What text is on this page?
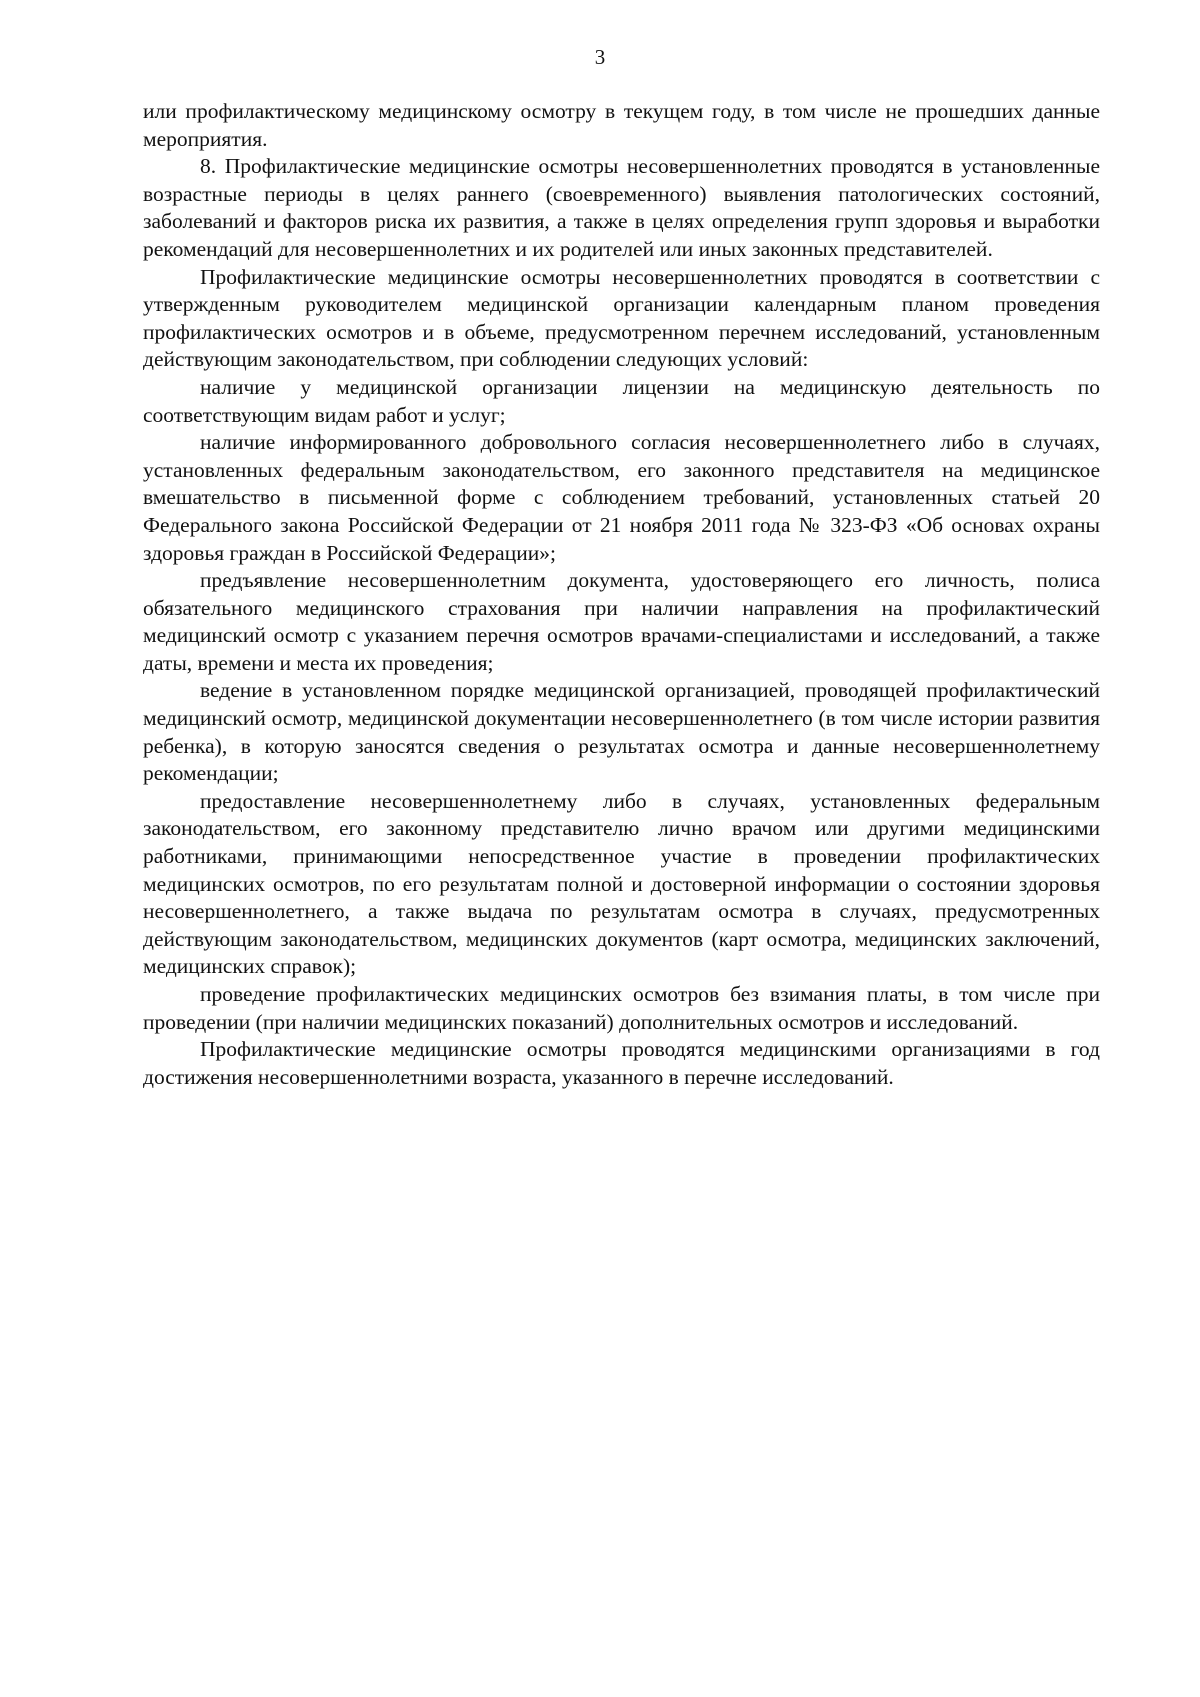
3

или профилактическому медицинскому осмотру в текущем году, в том числе не прошедших данные мероприятия.

8. Профилактические медицинские осмотры несовершеннолетних проводятся в установленные возрастные периоды в целях раннего (своевременного) выявления патологических состояний, заболеваний и факторов риска их развития, а также в целях определения групп здоровья и выработки рекомендаций для несовершеннолетних и их родителей или иных законных представителей.

Профилактические медицинские осмотры несовершеннолетних проводятся в соответствии с утвержденным руководителем медицинской организации календарным планом проведения профилактических осмотров и в объеме, предусмотренном перечнем исследований, установленным действующим законодательством, при соблюдении следующих условий:

наличие у медицинской организации лицензии на медицинскую деятельность по соответствующим видам работ и услуг;

наличие информированного добровольного согласия несовершеннолетнего либо в случаях, установленных федеральным законодательством, его законного представителя на медицинское вмешательство в письменной форме с соблюдением требований, установленных статьей 20 Федерального закона Российской Федерации от 21 ноября 2011 года № 323-ФЗ «Об основах охраны здоровья граждан в Российской Федерации»;

предъявление несовершеннолетним документа, удостоверяющего его личность, полиса обязательного медицинского страхования при наличии направления на профилактический медицинский осмотр с указанием перечня осмотров врачами-специалистами и исследований, а также даты, времени и места их проведения;

ведение в установленном порядке медицинской организацией, проводящей профилактический медицинский осмотр, медицинской документации несовершеннолетнего (в том числе истории развития ребенка), в которую заносятся сведения о результатах осмотра и данные несовершеннолетнему рекомендации;

предоставление несовершеннолетнему либо в случаях, установленных федеральным законодательством, его законному представителю лично врачом или другими медицинскими работниками, принимающими непосредственное участие в проведении профилактических медицинских осмотров, по его результатам полной и достоверной информации о состоянии здоровья несовершеннолетнего, а также выдача по результатам осмотра в случаях, предусмотренных действующим законодательством, медицинских документов (карт осмотра, медицинских заключений, медицинских справок);

проведение профилактических медицинских осмотров без взимания платы, в том числе при проведении (при наличии медицинских показаний) дополнительных осмотров и исследований.

Профилактические медицинские осмотры проводятся медицинскими организациями в год достижения несовершеннолетними возраста, указанного в перечне исследований.
